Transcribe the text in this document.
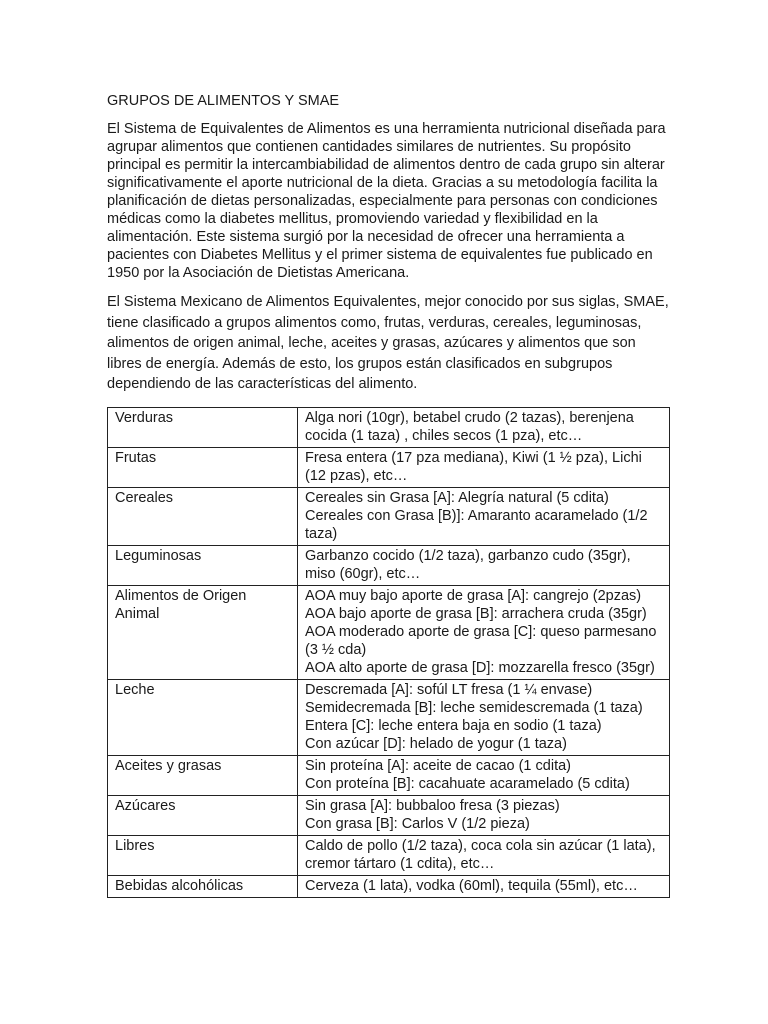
GRUPOS DE ALIMENTOS Y SMAE

El Sistema de Equivalentes de Alimentos es una herramienta nutricional diseñada para agrupar alimentos que contienen cantidades similares de nutrientes. Su propósito principal es permitir la intercambiabilidad de alimentos dentro de cada grupo sin alterar significativamente el aporte nutricional de la dieta. Gracias a su metodología facilita la planificación de dietas personalizadas, especialmente para personas con condiciones médicas como la diabetes mellitus, promoviendo variedad y flexibilidad en la alimentación. Este sistema surgió por la necesidad de ofrecer una herramienta a pacientes con Diabetes Mellitus y el primer sistema de equivalentes fue publicado en 1950 por la Asociación de Dietistas Americana.

El Sistema Mexicano de Alimentos Equivalentes, mejor conocido por sus siglas, SMAE, tiene clasificado a grupos alimentos como, frutas, verduras, cereales, leguminosas, alimentos de origen animal, leche, aceites y grasas, azúcares y alimentos que son libres de energía. Además de esto, los grupos están clasificados en subgrupos dependiendo de las características del alimento.

Verduras	Alga nori (10gr), betabel crudo (2 tazas), berenjena cocida (1 taza) , chiles secos (1 pza), etc…

Frutas	Fresa entera (17 pza mediana), Kiwi (1 ½ pza), Lichi (12 pzas), etc…

Cereales	Cereales sin Grasa [A]: Alegría natural (5 cdita)
Cereales con Grasa [B)]: Amaranto acaramelado (1/2 taza)

Leguminosas	Garbanzo cocido (1/2 taza), garbanzo cudo (35gr), miso (60gr), etc…

Alimentos de Origen Animal	AOA muy bajo aporte de grasa [A]: cangrejo (2pzas)
AOA bajo aporte de grasa [B]: arrachera cruda (35gr)
AOA moderado aporte de grasa [C]: queso parmesano (3 ½ cda)
AOA alto aporte de grasa [D]: mozzarella fresco (35gr)

Leche	Descremada [A]: sofúl LT fresa (1 ¼ envase)
Semidecremada [B]: leche semidescremada (1 taza)
Entera [C]: leche entera baja en sodio (1 taza)
Con azúcar [D]: helado de yogur (1 taza)

Aceites y grasas	Sin proteína [A]: aceite de cacao (1 cdita)
Con proteína [B]: cacahuate acaramelado (5 cdita)

Azúcares	Sin grasa [A]: bubbaloo fresa (3 piezas)
Con grasa [B]: Carlos V (1/2 pieza)

Libres	Caldo de pollo (1/2 taza), coca cola sin azúcar (1 lata), cremor tártaro (1 cdita), etc…

Bebidas alcohólicas	Cerveza (1 lata), vodka (60ml), tequila (55ml), etc…
